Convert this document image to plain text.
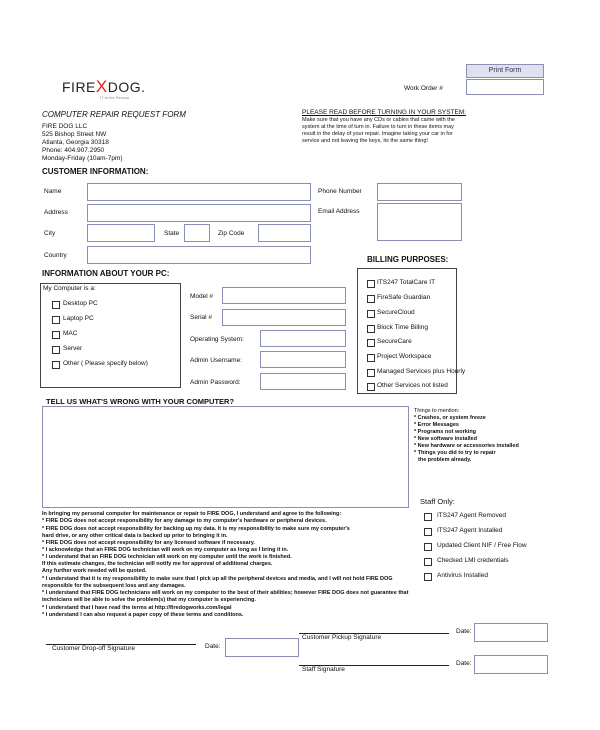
FIREXDOG.
IT to the Rescue
Print Form
Work Order #
COMPUTER REPAIR REQUEST FORM
FIRE DOG LLC
525 Bishop Street NW
Atlanta, Georgia 30318
Phone: 404.907.2950
Monday-Friday (10am-7pm)
PLEASE READ BEFORE TURNING IN YOUR SYSTEM:
Make sure that you have any CDs or cables that came with the
system at the time of turn in. Failure to turn in these items may
result in the delay of your repair. Imagine taking your car in for
service and not leaving the keys, its the same thing!
CUSTOMER INFORMATION:
Name
Address
City	State	Zip Code
Country
Phone Number
Email Address
INFORMATION ABOUT YOUR PC:
My Computer is a:
Desktop PC
Laptop PC
MAC
Server
Other ( Please specify below)
Model #
Serial #
Operating System:
Admin Username:
Admin Password:
BILLING PURPOSES:
ITS247 TotalCare IT
FireSafe Guardian
SecureCloud
Block Time Billing
SecureCare
Project Workspace
Managed Services plus Hourly
Other Services not listed
TELL US WHAT'S WRONG WITH YOUR COMPUTER?
Things to mention:
* Crashes, or system freeze
* Error Messages
* Programs not working
* New software installed
* New hardware or accessories installed
* Things you did to try to repair
the problem already.
Staff Only:
ITS247 Agent Removed
ITS247 Agent Installed
Updated Client NIF / Free Flow
Checked LMI credentials
Antivirus Installed
In bringing my personal computer for maintenance or repair to FIRE DOG, I understand and agree to the following:
* FIRE DOG does not accept responsibility for any damage to my computer's hardware or peripheral devices.
* FIRE DOG does not accept responsibility for backing up my data. It is my responsibility to make sure my computer's
hard drive, or any other critical data is backed up prior to bringing it in.
* FIRE DOG does not accept responsibility for any licensed software if necessary.
* I acknowledge that an FIRE DOG technician will work on my computer as long as I bring it in.
* I understand that an FIRE DOG technician will work on my computer until the work is finished.
If this estimate changes, the technician will notify me for approval of additional charges.
Any further work needed will be quoted.
* I understand that it is my responsibility to make sure that I pick up all the peripheral devices and media, and I will not hold FIRE DOG
responsible for the subsequent loss and any damages.
* I understand that FIRE DOG technicians will work on my computer to the best of their abilities; however FIRE DOG does not guarantee that
technicians will be able to solve the problem(s) that my computer is experiencing.
* I understand that I have read the terms at http://firedogworks.com/legal
* I understand I can also request a paper copy of these terms and conditions.
Customer Drop-off Signature	Date:
Customer Pickup Signature
Date:
Staff Signature
Date:
